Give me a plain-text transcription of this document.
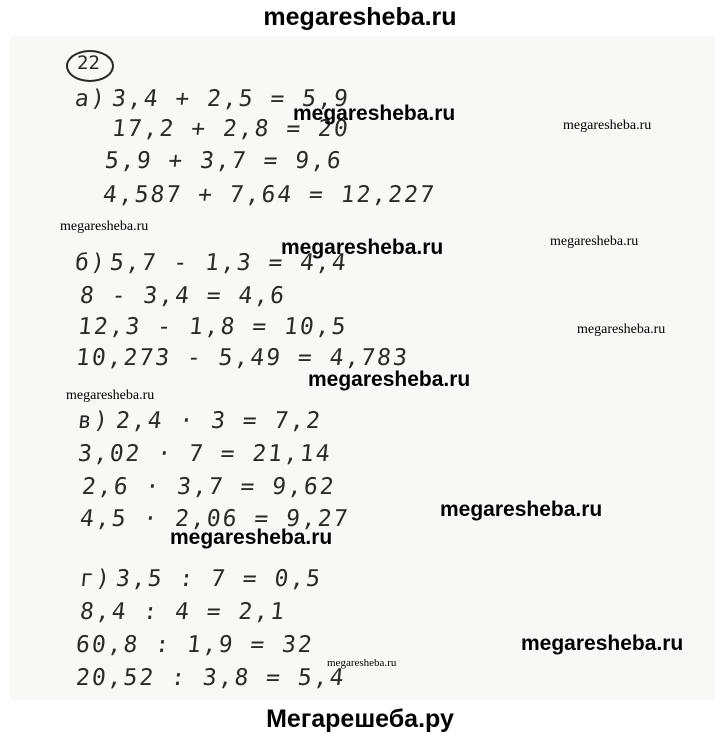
megaresheba.ru
22
а) 3,4 + 2,5 = 5,9
17,2 + 2,8 = 20
5,9 + 3,7 = 9,6
4,587 + 7,64 = 12,227
б) 5,7 - 1,3 = 4,4
8 - 3,4 = 4,6
12,3 - 1,8 = 10,5
10,273 - 5,49 = 4,783
в) 2,4 · 3 = 7,2
3,02 · 7 = 21,14
2,6 · 3,7 = 9,62
4,5 · 2,06 = 9,27
г) 3,5 : 7 = 0,5
8,4 : 4 = 2,1
60,8 : 1,9 = 32
20,52 : 3,8 = 5,4
megaresheba.ru
megaresheba.ru
megaresheba.ru
megaresheba.ru	megaresheba.ru
megaresheba.ru
megaresheba.ru
megaresheba.ru
megaresheba.ru
megaresheba.ru
megaresheba.ru
megaresheba.ru
Мегарешеба.ру
